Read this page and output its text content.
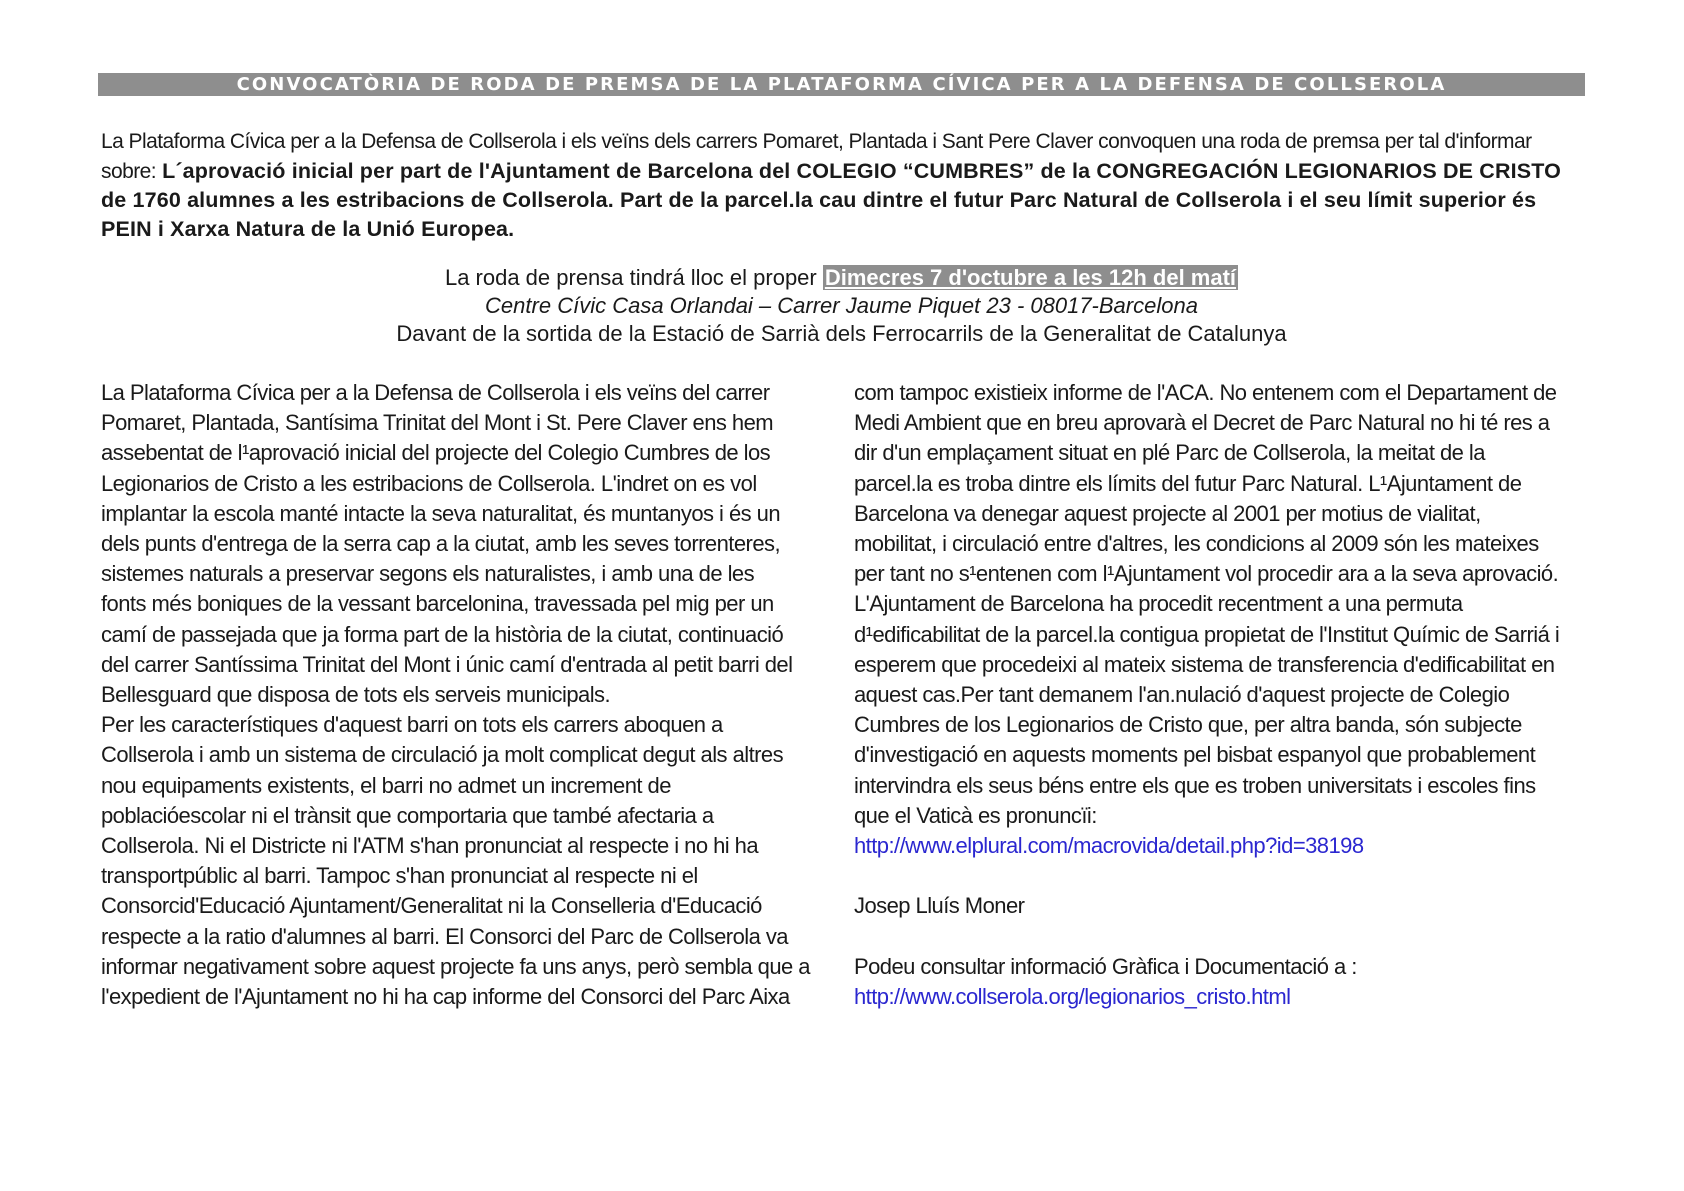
CONVOCATÒRIA DE RODA DE PREMSA DE LA PLATAFORMA CÍVICA PER A LA DEFENSA DE COLLSEROLA
La Plataforma Cívica per a la Defensa de Collserola i els veïns dels carrers Pomaret, Plantada i Sant Pere Claver convoquen una roda de premsa per tal d'informar sobre: L´aprovació inicial per part de l'Ajuntament de Barcelona del COLEGIO “CUMBRES” de la CONGREGACIÓN LEGIONARIOS DE CRISTO de 1760 alumnes a les estribacions de Collserola. Part de la parcel.la cau dintre el futur Parc Natural de Collserola i el seu límit superior és PEIN i Xarxa Natura de la Unió Europea.
La roda de prensa tindrá lloc el proper Dimecres 7 d'octubre a les 12h del matí
Centre Cívic Casa Orlandai – Carrer Jaume Piquet 23 - 08017-Barcelona
Davant de la sortida de la Estació de Sarrià dels Ferrocarrils de la Generalitat de Catalunya
La Plataforma Cívica per a la Defensa de Collserola i els veïns del carrer
Pomaret, Plantada, Santísima Trinitat del Mont i St. Pere Claver ens hem
assebentat de l¹aprovació inicial del projecte del Colegio Cumbres de los
Legionarios de Cristo a les estribacions de Collserola. L'indret on es vol
implantar la escola manté intacte la seva naturalitat, és muntanyos i és un
dels punts d'entrega de la serra cap a la ciutat, amb les seves torrenteres,
sistemes naturals a preservar segons els naturalistes, i amb una de les
fonts més boniques de la vessant barcelonina, travessada pel mig per un
camí de passejada que ja forma part de la història de la ciutat, continuació
del carrer Santíssima Trinitat del Mont i únic camí d'entrada al petit barri del
Bellesguard que disposa de tots els serveis municipals.
Per les característiques d'aquest barri on tots els carrers aboquen a
Collserola i amb un sistema de circulació ja molt complicat degut als altres
nou equipaments existents, el barri no admet un increment de
poblacióescolar ni el trànsit que comportaria que també afectaria a
Collserola. Ni el Districte ni l'ATM s'han pronunciat al respecte i no hi ha
transportpúblic al barri. Tampoc s'han pronunciat al respecte ni el
Consorcid'Educació Ajuntament/Generalitat ni la Conselleria d'Educació
respecte a la ratio d'alumnes al barri. El Consorci del Parc de Collserola va
informar negativament sobre aquest projecte fa uns anys, però sembla que a
l'expedient de l'Ajuntament no hi ha cap informe del Consorci del Parc Aixa
com tampoc existieix informe de l'ACA. No entenem com el Departament de
Medi Ambient que en breu aprovarà el Decret de Parc Natural no hi té res a
dir d'un emplaçament situat en plé Parc de Collserola, la meitat de la
parcel.la es troba dintre els límits del futur Parc Natural. L¹Ajuntament de
Barcelona va denegar aquest projecte al 2001 per motius de vialitat,
mobilitat, i circulació entre d'altres, les condicions al 2009 són les mateixes
per tant no s¹entenen com l¹Ajuntament vol procedir ara a la seva aprovació.
L'Ajuntament de Barcelona ha procedit recentment a una permuta
d¹edificabilitat de la parcel.la contigua propietat de l'Institut Químic de Sarriá i
esperem que procedeixi al mateix sistema de transferencia d'edificabilitat en
aquest cas.Per tant demanem l'an.nulació d'aquest projecte de Colegio
Cumbres de los Legionarios de Cristo que, per altra banda, són subjecte
d'investigació en aquests moments pel bisbat espanyol que probablement
intervindra els seus béns entre els que es troben universitats i escoles fins
que el Vaticà es pronuncïi:
http://www.elplural.com/macrovida/detail.php?id=38198
Josep Lluís Moner
Podeu consultar informació Gràfica i Documentació a :
http://www.collserola.org/legionarios_cristo.html
